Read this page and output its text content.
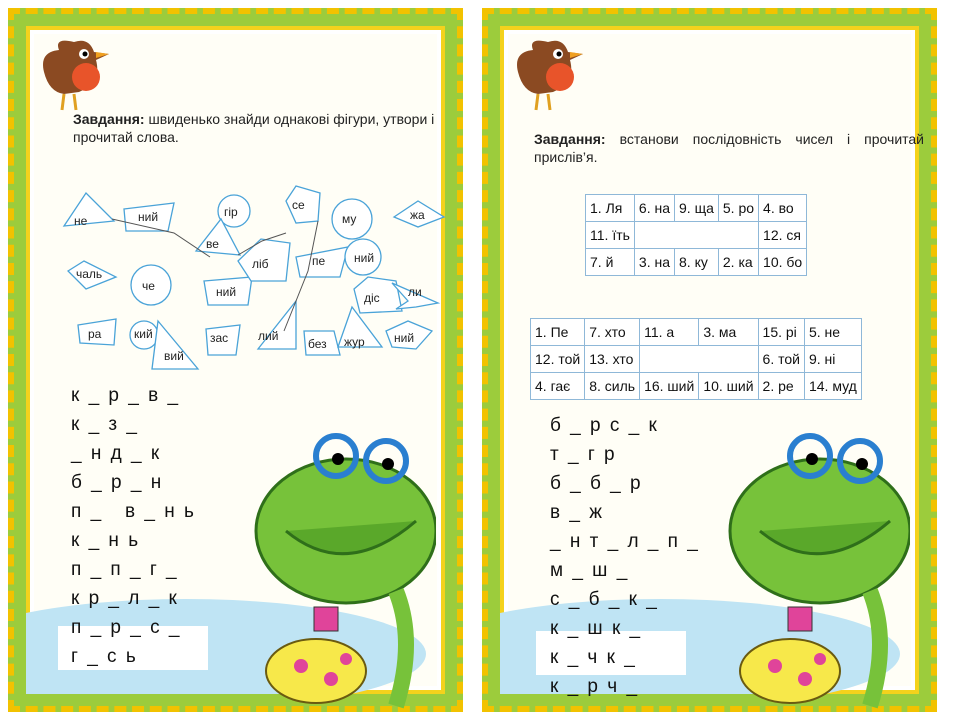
Завдання: швиденько знайди однакові фігури, утвори і прочитай слова.
не	ний	гір	се
му	жа
ве
чаль
че	ний
ліб	пе ний
діс ли
ра	кий
вий
зас лий
без жур ний
к _ р _ в _
к _ з _
_ н д _ к
б _ р _ н
п _   в _ н ь
к _ н ь
п _ п _ г _
к р _ л _ к
п _ р _ с _
г _ с ь
Завдання: встанови послідовність чисел і прочитай прислів’я.
1. Ля	6. на	9. ща	5. ро	4. во
11. їть				12. ся
7. й	3. на	8. ку	2. ка	10. бо
1. Пе	7. хто	11. а	3. ма	15. рі	5. не
12. той	13. хто			6. той	9. ні
4. гає	8. силь	16. ший	10. ший	2. ре	14. муд
б _ р с _ к
т _ г р
б _ б _ р
в _ ж
_ н т _ л _ п _
м _ ш _
с _ б _ к _
к _ ш к _
к _ ч к _
к _ р ч _
